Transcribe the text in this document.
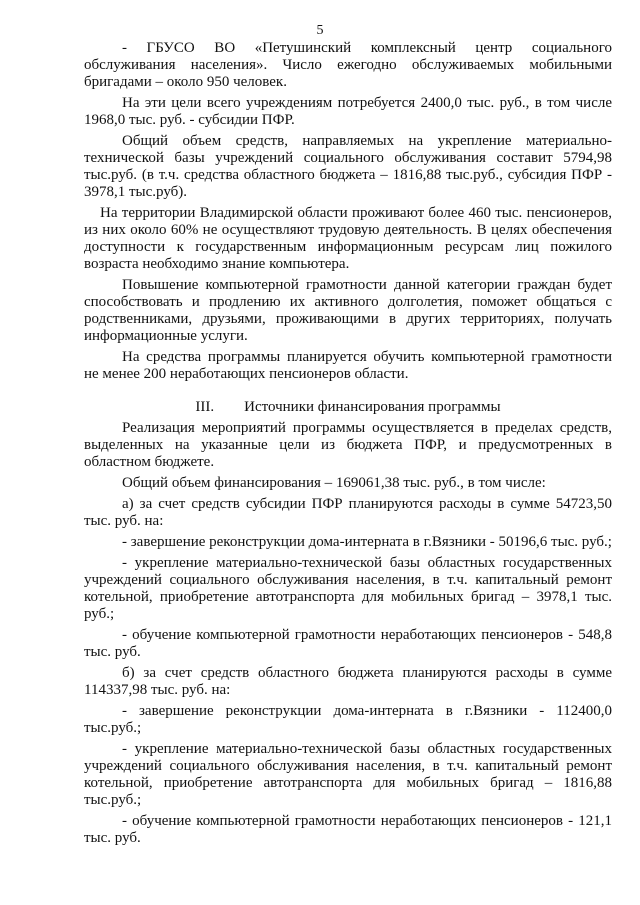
5

- ГБУСО ВО «Петушинский комплексный центр социального обслуживания населения». Число ежегодно обслуживаемых мобильными бригадами – около 950 человек.

На эти цели всего учреждениям потребуется 2400,0 тыс. руб., в том числе 1968,0 тыс. руб. - субсидии ПФР.

Общий объем средств, направляемых на укрепление материально-технической базы учреждений социального обслуживания составит 5794,98 тыс.руб. (в т.ч. средства областного бюджета – 1816,88 тыс.руб., субсидия ПФР - 3978,1 тыс.руб).

На территории Владимирской области проживают более 460 тыс. пенсионеров, из них около 60% не осуществляют трудовую деятельность. В целях обеспечения доступности к государственным информационным ресурсам лиц пожилого возраста необходимо знание компьютера.

Повышение компьютерной грамотности данной категории граждан будет способствовать и продлению их активного долголетия, поможет общаться с родственниками, друзьями, проживающими в других территориях, получать информационные услуги.

На средства программы планируется обучить компьютерной грамотности не менее 200 неработающих пенсионеров области.

III. Источники финансирования программы

Реализация мероприятий программы осуществляется в пределах средств, выделенных на указанные цели из бюджета ПФР, и предусмотренных в областном бюджете.

Общий объем финансирования – 169061,38 тыс. руб., в том числе:

а) за счет средств субсидии ПФР планируются расходы в сумме 54723,50 тыс. руб. на:

- завершение реконструкции дома-интерната в г.Вязники - 50196,6 тыс. руб.;

- укрепление материально-технической базы областных государственных учреждений социального обслуживания населения, в т.ч. капитальный ремонт котельной, приобретение автотранспорта для мобильных бригад – 3978,1 тыс. руб.;

- обучение компьютерной грамотности неработающих пенсионеров - 548,8 тыс. руб.

б) за счет средств областного бюджета планируются расходы в сумме 114337,98 тыс. руб. на:

- завершение реконструкции дома-интерната в г.Вязники - 112400,0 тыс.руб.;

- укрепление материально-технической базы областных государственных учреждений социального обслуживания населения, в т.ч. капитальный ремонт котельной, приобретение автотранспорта для мобильных бригад – 1816,88 тыс.руб.;

- обучение компьютерной грамотности неработающих пенсионеров - 121,1 тыс. руб.
